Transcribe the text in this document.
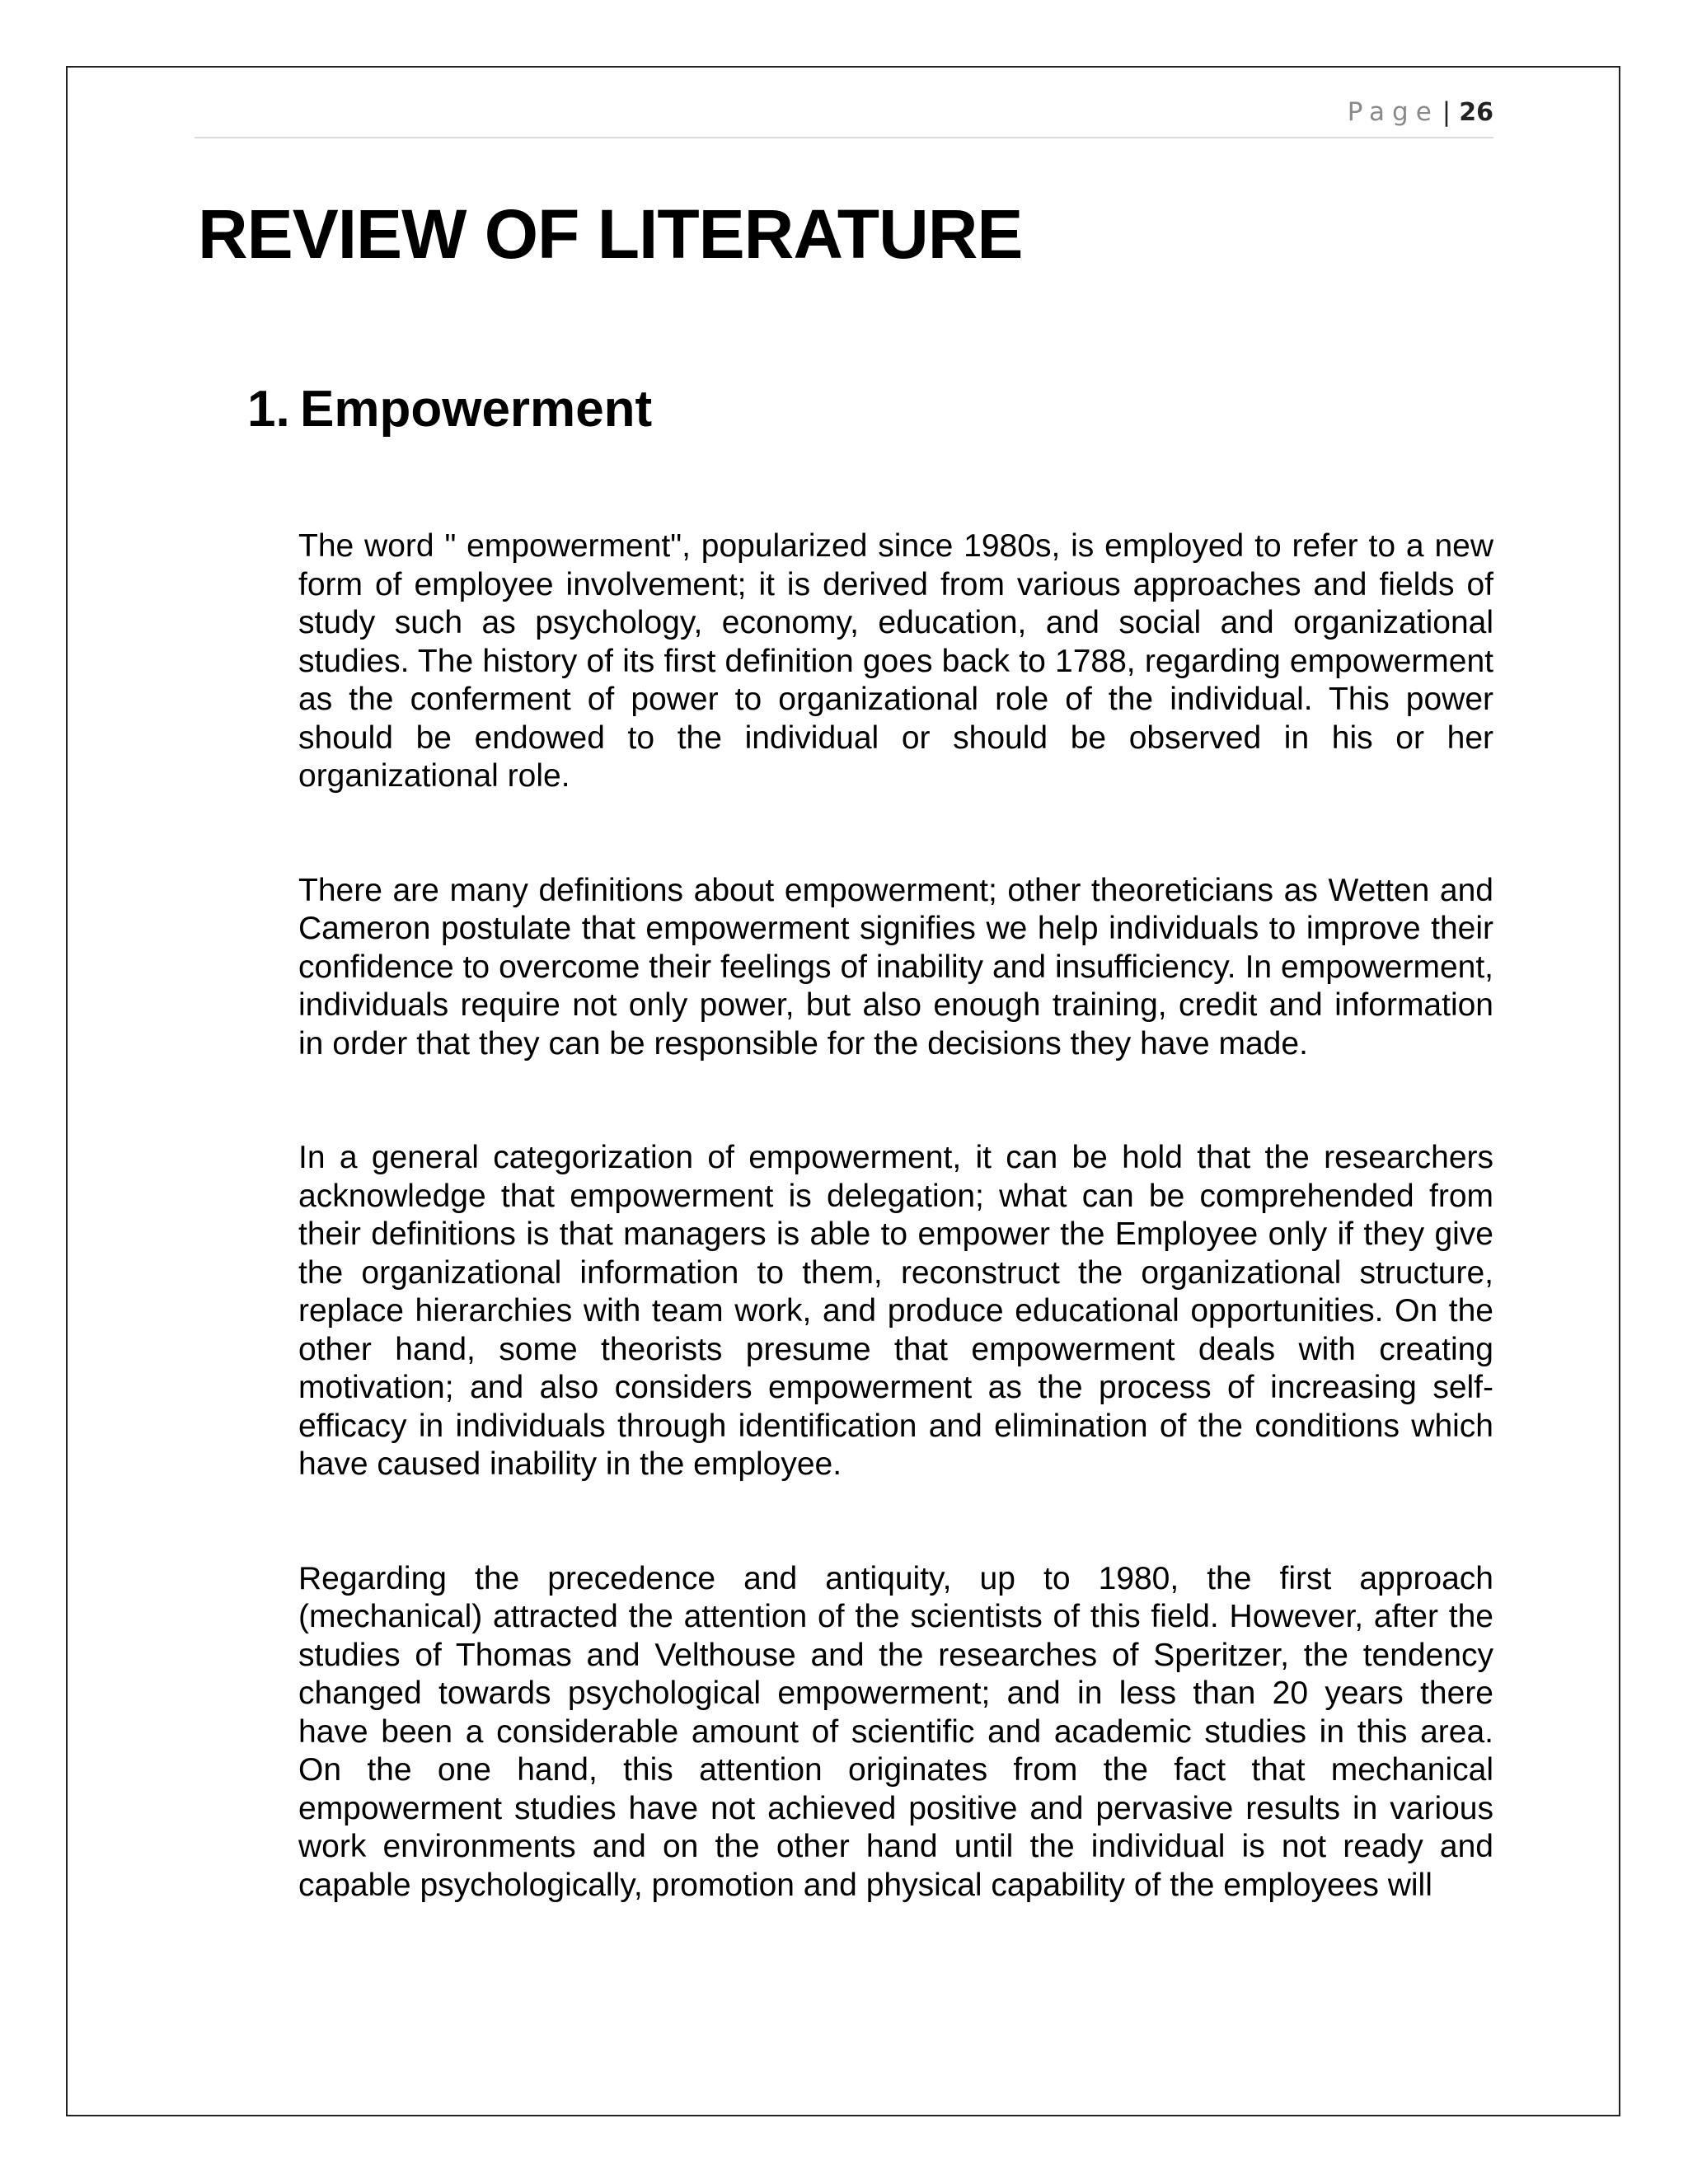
Page | 26
REVIEW OF LITERATURE
1. Empowerment

The word " empowerment", popularized since 1980s, is employed to refer to a new form of employee involvement; it is derived from various approaches and fields of study such as psychology, economy, education, and social and organizational studies. The history of its first definition goes back to 1788, regarding empowerment as the conferment of power to organizational role of the individual. This power should be endowed to the individual or should be observed in his or her organizational role.

There are many definitions about empowerment; other theoreticians as Wetten and Cameron postulate that empowerment signifies we help individuals to improve their confidence to overcome their feelings of inability and insufficiency. In empowerment, individuals require not only power, but also enough training, credit and information in order that they can be responsible for the decisions they have made.

In a general categorization of empowerment, it can be hold that the researchers acknowledge that empowerment is delegation; what can be comprehended from their definitions is that managers is able to empower the Employee only if they give the organizational information to them, reconstruct the organizational structure, replace hierarchies with team work, and produce educational opportunities. On the other hand, some theorists presume that empowerment deals with creating motivation; and also considers empowerment as the process of increasing self-efficacy in individuals through identification and elimination of the conditions which have caused inability in the employee.

Regarding the precedence and antiquity, up to 1980, the first approach (mechanical) attracted the attention of the scientists of this field. However, after the studies of Thomas and Velthouse and the researches of Speritzer, the tendency changed towards psychological empowerment; and in less than 20 years there have been a considerable amount of scientific and academic studies in this area. On the one hand, this attention originates from the fact that mechanical empowerment studies have not achieved positive and pervasive results in various work environments and on the other hand until the individual is not ready and capable psychologically, promotion and physical capability of the employees will
